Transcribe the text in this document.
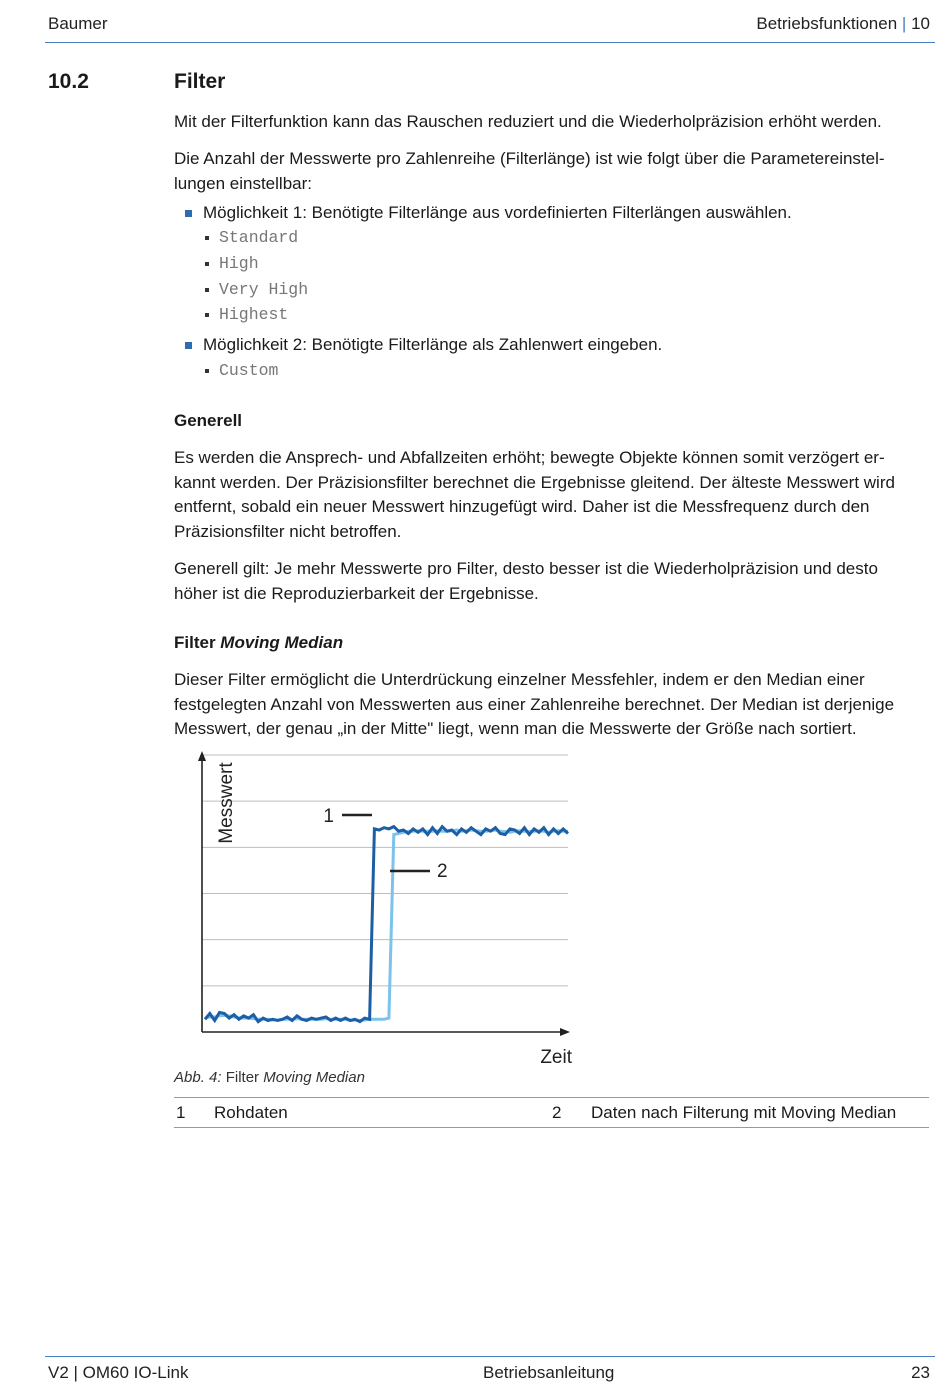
Baumer	Betriebsfunktionen | 10
10.2	Filter
Mit der Filterfunktion kann das Rauschen reduziert und die Wiederholpräzision erhöht werden.
Die Anzahl der Messwerte pro Zahlenreihe (Filterlänge) ist wie folgt über die Parametereinstel-
lungen einstellbar:
Möglichkeit 1: Benötigte Filterlänge aus vordefinierten Filterlängen auswählen.
Standard
High
Very High
Highest
Möglichkeit 2: Benötigte Filterlänge als Zahlenwert eingeben.
Custom
Generell
Es werden die Ansprech- und Abfallzeiten erhöht; bewegte Objekte können somit verzögert er-
kannt werden. Der Präzisionsfilter berechnet die Ergebnisse gleitend. Der älteste Messwert wird
entfernt, sobald ein neuer Messwert hinzugefügt wird. Daher ist die Messfrequenz durch den
Präzisionsfilter nicht betroffen.
Generell gilt: Je mehr Messwerte pro Filter, desto besser ist die Wiederholpräzision und desto
höher ist die Reproduzierbarkeit der Ergebnisse.
Filter Moving Median
Dieser Filter ermöglicht die Unterdrückung einzelner Messfehler, indem er den Median einer
festgelegten Anzahl von Messwerten aus einer Zahlenreihe berechnet. Der Median ist derjenige
Messwert, der genau „in der Mitte" liegt, wenn man die Messwerte der Größe nach sortiert.
1
2
Messwert
Zeit
Abb. 4: Filter Moving Median
1	Rohdaten	2	Daten nach Filterung mit Moving Median
V2 | OM60 IO-Link	Betriebsanleitung	23
